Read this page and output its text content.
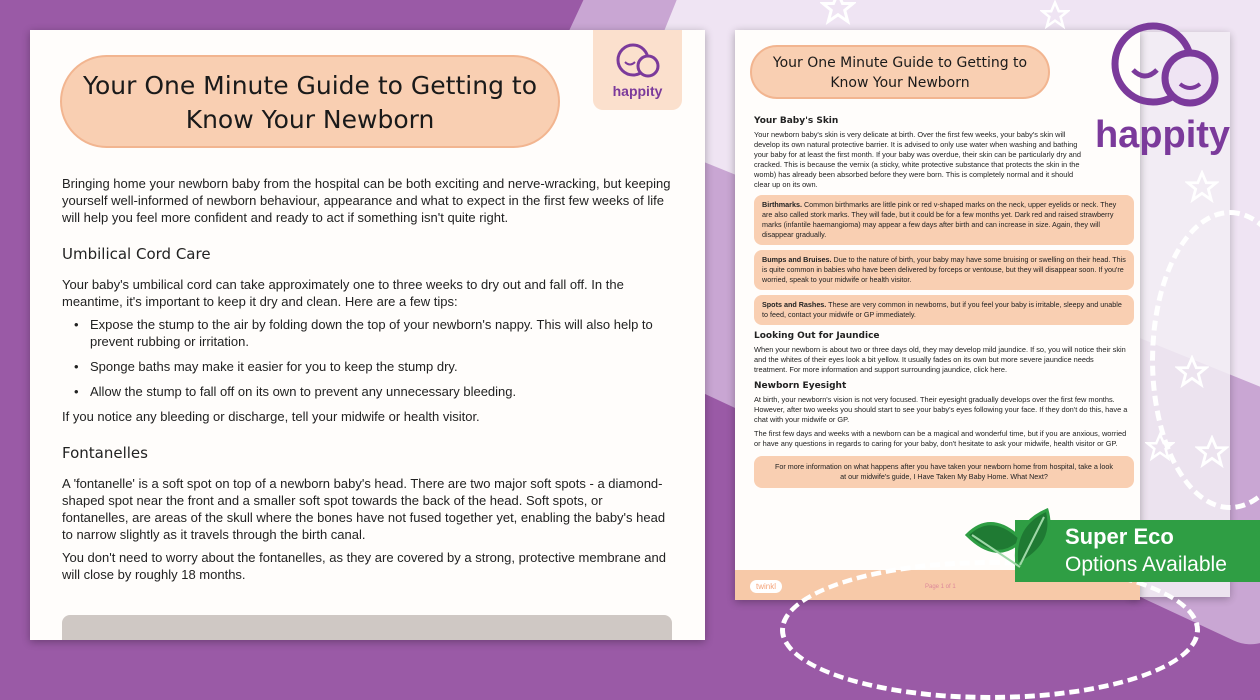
Your One Minute Guide to Getting to Know Your Newborn
happity

Bringing home your newborn baby from the hospital can be both exciting and nerve-wracking, but keeping yourself well-informed of newborn behaviour, appearance and what to expect in the first few weeks of life will help you feel more confident and ready to act if something isn't quite right.

Umbilical Cord Care

Your baby's umbilical cord can take approximately one to three weeks to dry out and fall off. In the meantime, it's important to keep it dry and clean. Here are a few tips:

• Expose the stump to the air by folding down the top of your newborn's nappy. This will also help to prevent rubbing or irritation.
• Sponge baths may make it easier for you to keep the stump dry.
• Allow the stump to fall off on its own to prevent any unnecessary bleeding.

If you notice any bleeding or discharge, tell your midwife or health visitor.

Fontanelles

A 'fontanelle' is a soft spot on top of a newborn baby's head. There are two major soft spots - a diamond-shaped spot near the front and a smaller soft spot towards the back of the head. Soft spots, or fontanelles, are areas of the skull where the bones have not fused together yet, enabling the baby's head to narrow slightly as it travels through the birth canal.

You don't need to worry about the fontanelles, as they are covered by a strong, protective membrane and will close by roughly 18 months.

Your One Minute Guide to Getting to Know Your Newborn
Your Baby's Skin
Your newborn baby's skin is very delicate at birth. Over the first few weeks, your baby's skin will develop its own natural protective barrier. It is advised to only use water when washing and bathing your baby for at least the first month. If your baby was overdue, their skin can be particularly dry and cracked. This is because the vernix (a sticky, white protective substance that protects the skin in the womb) has already been absorbed before they were born. This is completely normal and it should clear up on its own.
Birthmarks. Common birthmarks are little pink or red v-shaped marks on the neck, upper eyelids or neck. They are also called stork marks. They will fade, but it could be for a few months yet. Dark red and raised strawberry marks (infantile haemangioma) may appear a few days after birth and can increase in size. Again, they will disappear gradually.
Bumps and Bruises. Due to the nature of birth, your baby may have some bruising or swelling on their head. This is quite common in babies who have been delivered by forceps or ventouse, but they will disappear soon. If you're worried, speak to your midwife or health visitor.
Spots and Rashes. These are very common in newborns, but if you feel your baby is irritable, sleepy and unable to feed, contact your midwife or GP immediately.
Looking Out for Jaundice
When your newborn is about two or three days old, they may develop mild jaundice. If so, you will notice their skin and the whites of their eyes look a bit yellow. It usually fades on its own but more severe jaundice needs treatment. For more information and support surrounding jaundice, click here.
Newborn Eyesight
At birth, your newborn's vision is not very focused. Their eyesight gradually develops over the first few months. However, after two weeks you should start to see your baby's eyes following your face. If they don't do this, have a chat with your midwife or GP.
The first few days and weeks with a newborn can be a magical and wonderful time, but if you are anxious, worried or have any questions in regards to caring for your baby, don't hesitate to ask your midwife, health visitor or GP.
For more information on what happens after you have taken your newborn home from hospital, take a look at our midwife's guide, I Have Taken My Baby Home. What Next?
twinkl	Page 1 of 1
happity
Super Eco
Options Available
